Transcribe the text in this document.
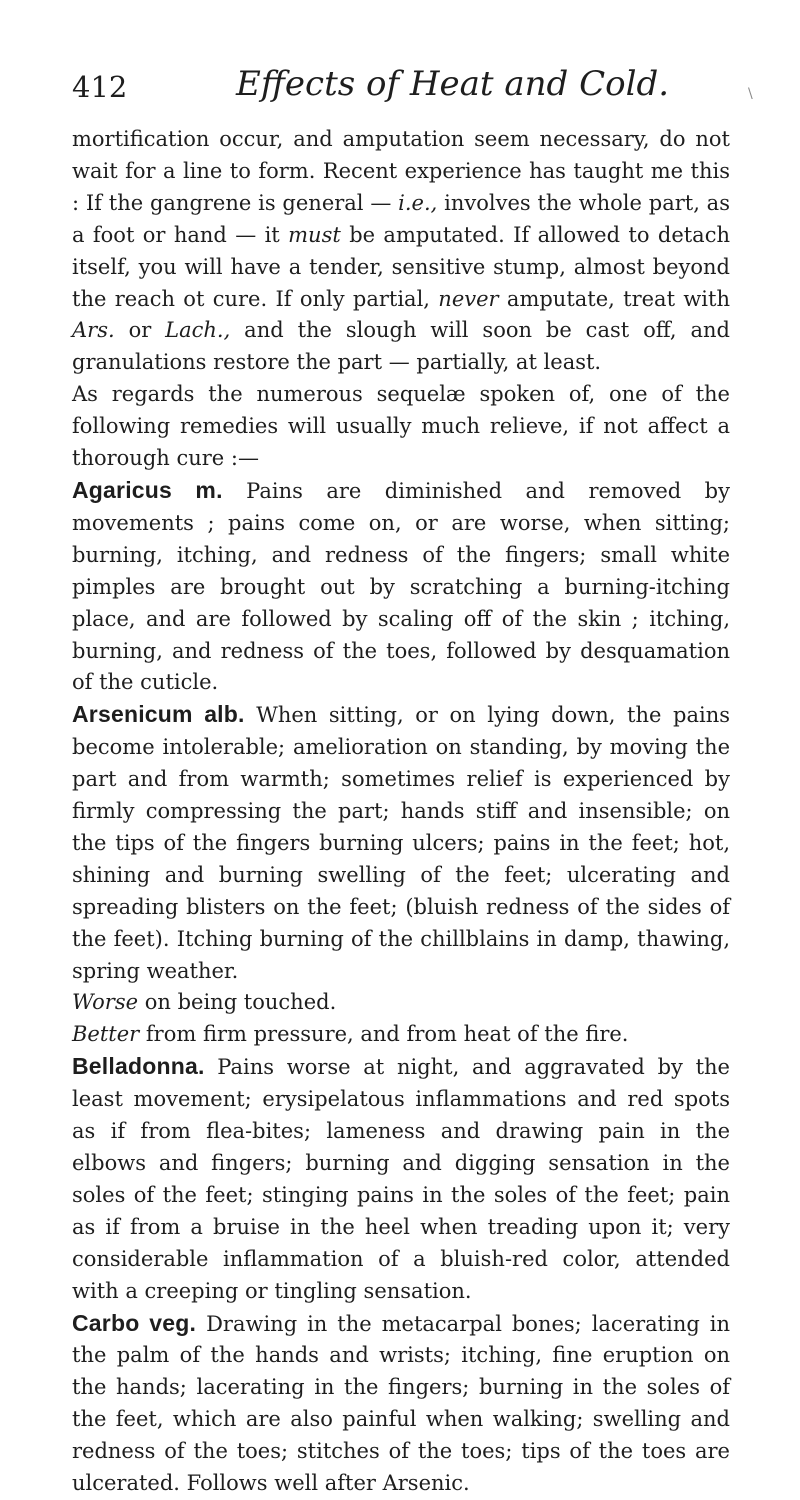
412	Effects of Heat and Cold.	\

mortification occur, and amputation seem necessary, do not wait for a line to form. Recent experience has taught me this : If the gangrene is general — i.e., involves the whole part, as a foot or hand — it must be amputated. If allowed to detach itself, you will have a tender, sensitive stump, almost beyond the reach ot cure. If only partial, never amputate, treat with Ars. or Lach., and the slough will soon be cast off, and granulations restore the part — partially, at least.

As regards the numerous sequelæ spoken of, one of the following remedies will usually much relieve, if not affect a thorough cure :—

Agaricus m. Pains are diminished and removed by movements ; pains come on, or are worse, when sitting; burning, itching, and redness of the fingers; small white pimples are brought out by scratching a burning-itching place, and are followed by scaling off of the skin ; itching, burning, and redness of the toes, followed by desquamation of the cuticle.

Arsenicum alb. When sitting, or on lying down, the pains become intolerable; amelioration on standing, by moving the part and from warmth; sometimes relief is experienced by firmly compressing the part; hands stiff and insensible; on the tips of the fingers burning ulcers; pains in the feet; hot, shining and burning swelling of the feet; ulcerating and spreading blisters on the feet; (bluish redness of the sides of the feet). Itching burning of the chillblains in damp, thawing, spring weather.

Worse on being touched.

Better from firm pressure, and from heat of the fire.

Belladonna. Pains worse at night, and aggravated by the least movement; erysipelatous inflammations and red spots as if from flea-bites; lameness and drawing pain in the elbows and fingers; burning and digging sensation in the soles of the feet; stinging pains in the soles of the feet; pain as if from a bruise in the heel when treading upon it; very considerable inflammation of a bluish-red color, attended with a creeping or tingling sensation.

Carbo veg. Drawing in the metacarpal bones; lacerating in the palm of the hands and wrists; itching, fine eruption on the hands; lacerating in the fingers; burning in the soles of the feet, which are also painful when walking; swelling and redness of the toes; stitches of the toes; tips of the toes are ulcerated. Follows well after Arsenic.
